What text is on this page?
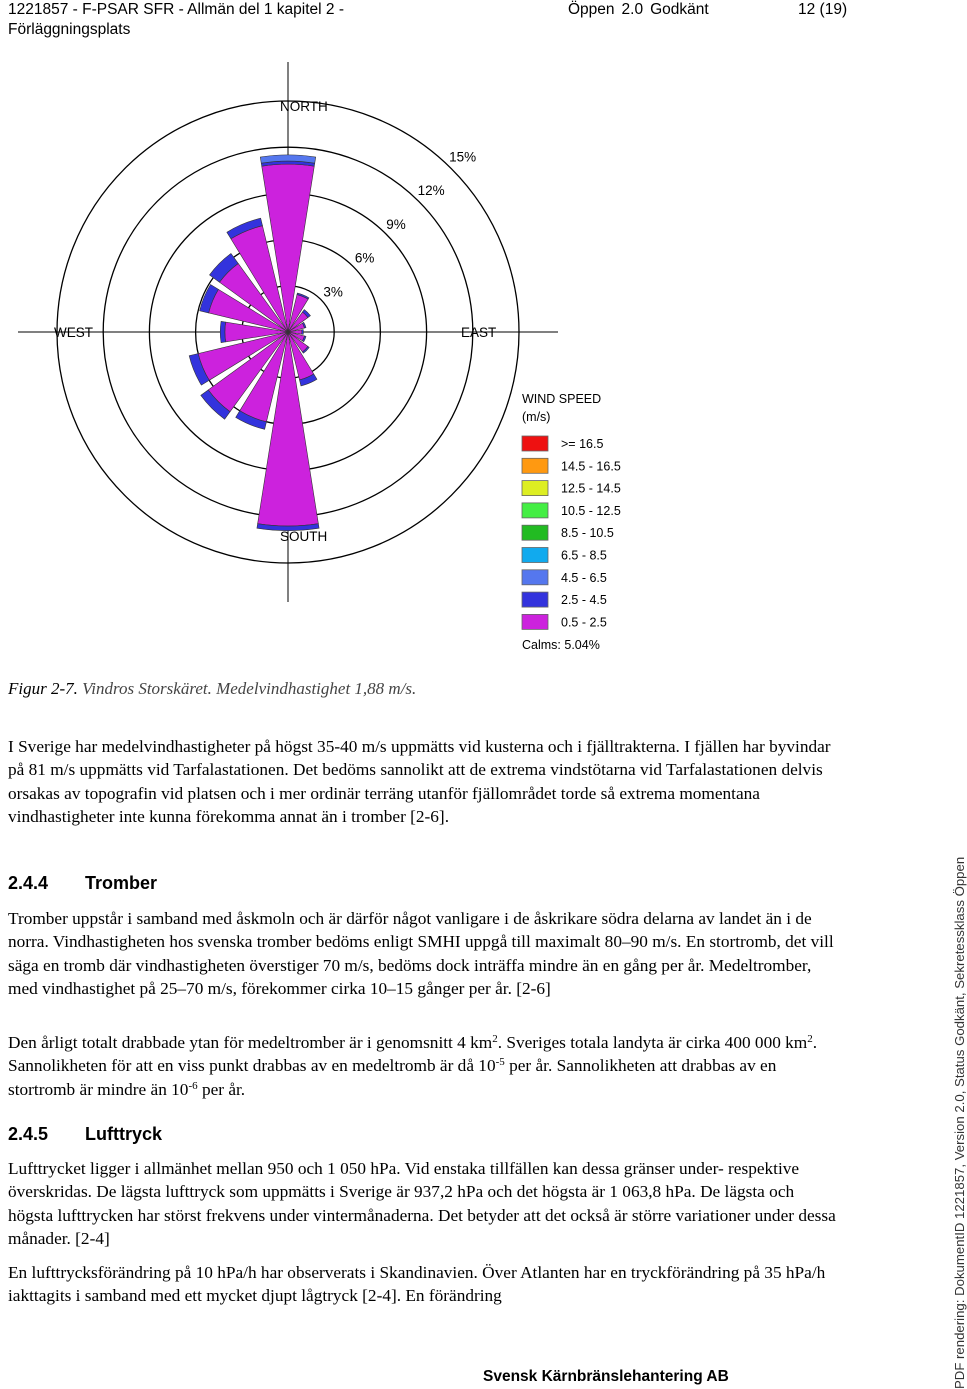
1221857 - F-PSAR SFR - Allmän del 1 kapitel 2 -
Förläggningsplats
Öppen 2.0 Godkänt	12 (19)
3%
6%
9%
12%
15%
NORTH
SOUTH
WEST	EAST
WIND SPEED
(m/s)
>= 16.5
14.5 - 16.5
12.5 - 14.5
10.5 - 12.5
8.5 - 10.5
6.5 - 8.5
4.5 - 6.5
2.5 - 4.5
0.5 - 2.5
Calms: 5.04%

Figur 2-7. Vindros Storskäret. Medelvindhastighet 1,88 m/s.

I Sverige har medelvindhastigheter på högst 35-40 m/s uppmätts vid kusterna och i fjälltrakterna. I fjällen har byvindar på 81 m/s uppmätts vid Tarfalastationen. Det bedöms sannolikt att de extrema vindstötarna vid Tarfalastationen delvis orsakas av topografin vid platsen och i mer ordinär terräng utanför fjällområdet torde så extrema momentana vindhastigheter inte kunna förekomma annat än i tromber [2-6].

2.4.4 Tromber

Tromber uppstår i samband med åskmoln och är därför något vanligare i de åskrikare södra delarna av landet än i de norra. Vindhastigheten hos svenska tromber bedöms enligt SMHI uppgå till maximalt 80–90 m/s. En stortromb, det vill säga en tromb där vindhastigheten överstiger 70 m/s, bedöms dock inträffa mindre än en gång per år. Medeltromber, med vindhastighet på 25–70 m/s, förekommer cirka 10–15 gånger per år. [2-6]

Den årligt totalt drabbade ytan för medeltromber är i genomsnitt 4 $km^2$. Sveriges totala landyta är cirka 400 000 $km^2$. Sannolikheten för att en viss punkt drabbas av en medeltromb är då $10^{-5}$ per år. Sannolikheten att drabbas av en stortromb är mindre än $10^{-6}$ per år.

2.4.5 Lufttryck

Lufttrycket ligger i allmänhet mellan 950 och 1 050 hPa. Vid enstaka tillfällen kan dessa gränser under- respektive överskridas. De lägsta lufttryck som uppmätts i Sverige är 937,2 hPa och det högsta är 1 063,8 hPa. De lägsta och högsta lufttrycken har störst frekvens under vintermånaderna. Det betyder att det också är större variationer under dessa månader. [2-4]

En lufttrycksförändring på 10 hPa/h har observerats i Skandinavien. Över Atlanten har en tryckförändring på 35 hPa/h iakttagits i samband med ett mycket djupt lågtryck [2-4]. En förändring

Svensk Kärnbränslehantering AB	PDF rendering: DokumentID 1221857, Version 2.0, Status Godkänt, Sekretessklass Öppen
